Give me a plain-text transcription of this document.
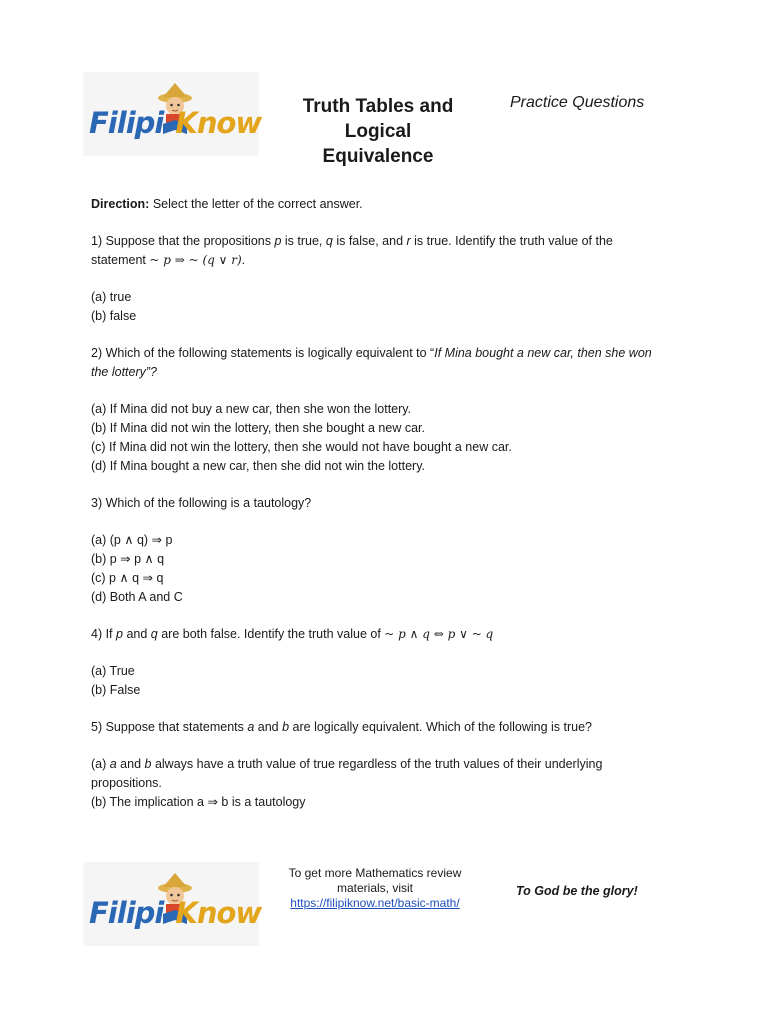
Filipi Know	Truth Tables and
Logical
Equivalence
Practice Questions

Direction: Select the letter of the correct answer.

1) Suppose that the propositions p is true, q is false, and r is true. Identify the truth value of the statement ~ p ⇒ ~ (q ∨ r).

(a) true
(b) false

2) Which of the following statements is logically equivalent to “If Mina bought a new car, then she won the lottery”?

(a) If Mina did not buy a new car, then she won the lottery.
(b) If Mina did not win the lottery, then she bought a new car.
(c) If Mina did not win the lottery, then she would not have bought a new car.
(d) If Mina bought a new car, then she did not win the lottery.

3) Which of the following is a tautology?

(a) (p ∧ q) ⇒ p
(b) p ⇒ p ∧ q
(c) p ∧ q ⇒ q
(d) Both A and C

4) If p and q are both false. Identify the truth value of ~ p ∧ q ⇔ p ∨ ~ q

(a) True
(b) False

5) Suppose that statements a and b are logically equivalent. Which of the following is true?

(a) a and b always have a truth value of true regardless of the truth values of their underlying propositions.
(b) The implication a ⇒ b is a tautology
Filipi Know
To get more Mathematics review
materials, visit
https://filipiknow.net/basic-math/
To God be the glory!
